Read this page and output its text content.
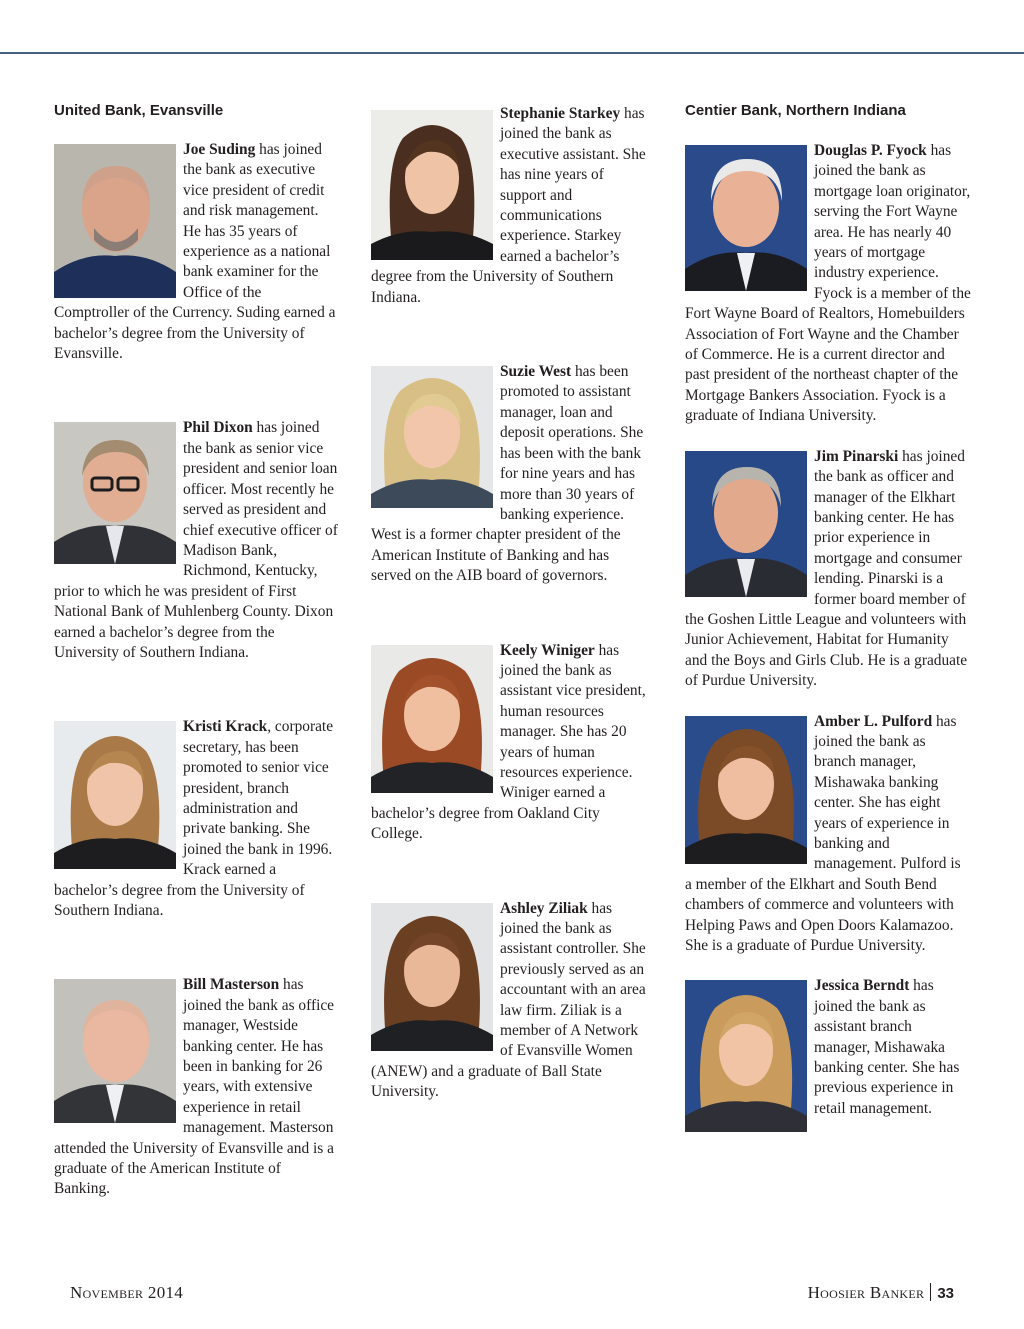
United Bank, Evansville

Joe Suding has joined the bank as executive vice president of credit and risk management. He has 35 years of experience as a national bank examiner for the Office of the Comptroller of the Currency. Suding earned a bachelor’s degree from the University of Evansville.

Phil Dixon has joined the bank as senior vice president and senior loan officer. Most recently he served as president and chief executive officer of Madison Bank, Richmond, Kentucky, prior to which he was president of First National Bank of Muhlenberg County. Dixon earned a bachelor’s degree from the University of Southern Indiana.

Kristi Krack, corporate secretary, has been promoted to senior vice president, branch administration and private banking. She joined the bank in 1996. Krack earned a bachelor’s degree from the University of Southern Indiana.

Bill Masterson has joined the bank as office manager, Westside banking center. He has been in banking for 26 years, with extensive experience in retail management. Masterson attended the University of Evansville and is a graduate of the American Institute of Banking.

Stephanie Starkey has joined the bank as executive assistant. She has nine years of support and communications experience. Starkey earned a bachelor’s degree from the University of Southern Indiana.

Suzie West has been promoted to assistant manager, loan and deposit operations. She has been with the bank for nine years and has more than 30 years of banking experience. West is a former chapter president of the American Institute of Banking and has served on the AIB board of governors.

Keely Winiger has joined the bank as assistant vice president, human resources manager. She has 20 years of human resources experience. Winiger earned a bachelor’s degree from Oakland City College.

Ashley Ziliak has joined the bank as assistant controller. She previously served as an accountant with an area law firm. Ziliak is a member of A Network of Evansville Women (ANEW) and a graduate of Ball State University.

Centier Bank, Northern Indiana

Douglas P. Fyock has joined the bank as mortgage loan originator, serving the Fort Wayne area. He has nearly 40 years of mortgage industry experience. Fyock is a member of the Fort Wayne Board of Realtors, Homebuilders Association of Fort Wayne and the Chamber of Commerce. He is a current director and past president of the northeast chapter of the Mortgage Bankers Association. Fyock is a graduate of Indiana University.

Jim Pinarski has joined the bank as officer and manager of the Elkhart banking center. He has prior experience in mortgage and consumer lending. Pinarski is a former board member of the Goshen Little League and volunteers with Junior Achievement, Habitat for Humanity and the Boys and Girls Club. He is a graduate of Purdue University.

Amber L. Pulford has joined the bank as branch manager, Mishawaka banking center. She has eight years of experience in banking and management. Pulford is a member of the Elkhart and South Bend chambers of commerce and volunteers with Helping Paws and Open Doors Kalamazoo. She is a graduate of Purdue University.

Jessica Berndt has joined the bank as assistant branch manager, Mishawaka banking center. She has previous experience in retail management.

November 2014	Hoosier Banker 33
